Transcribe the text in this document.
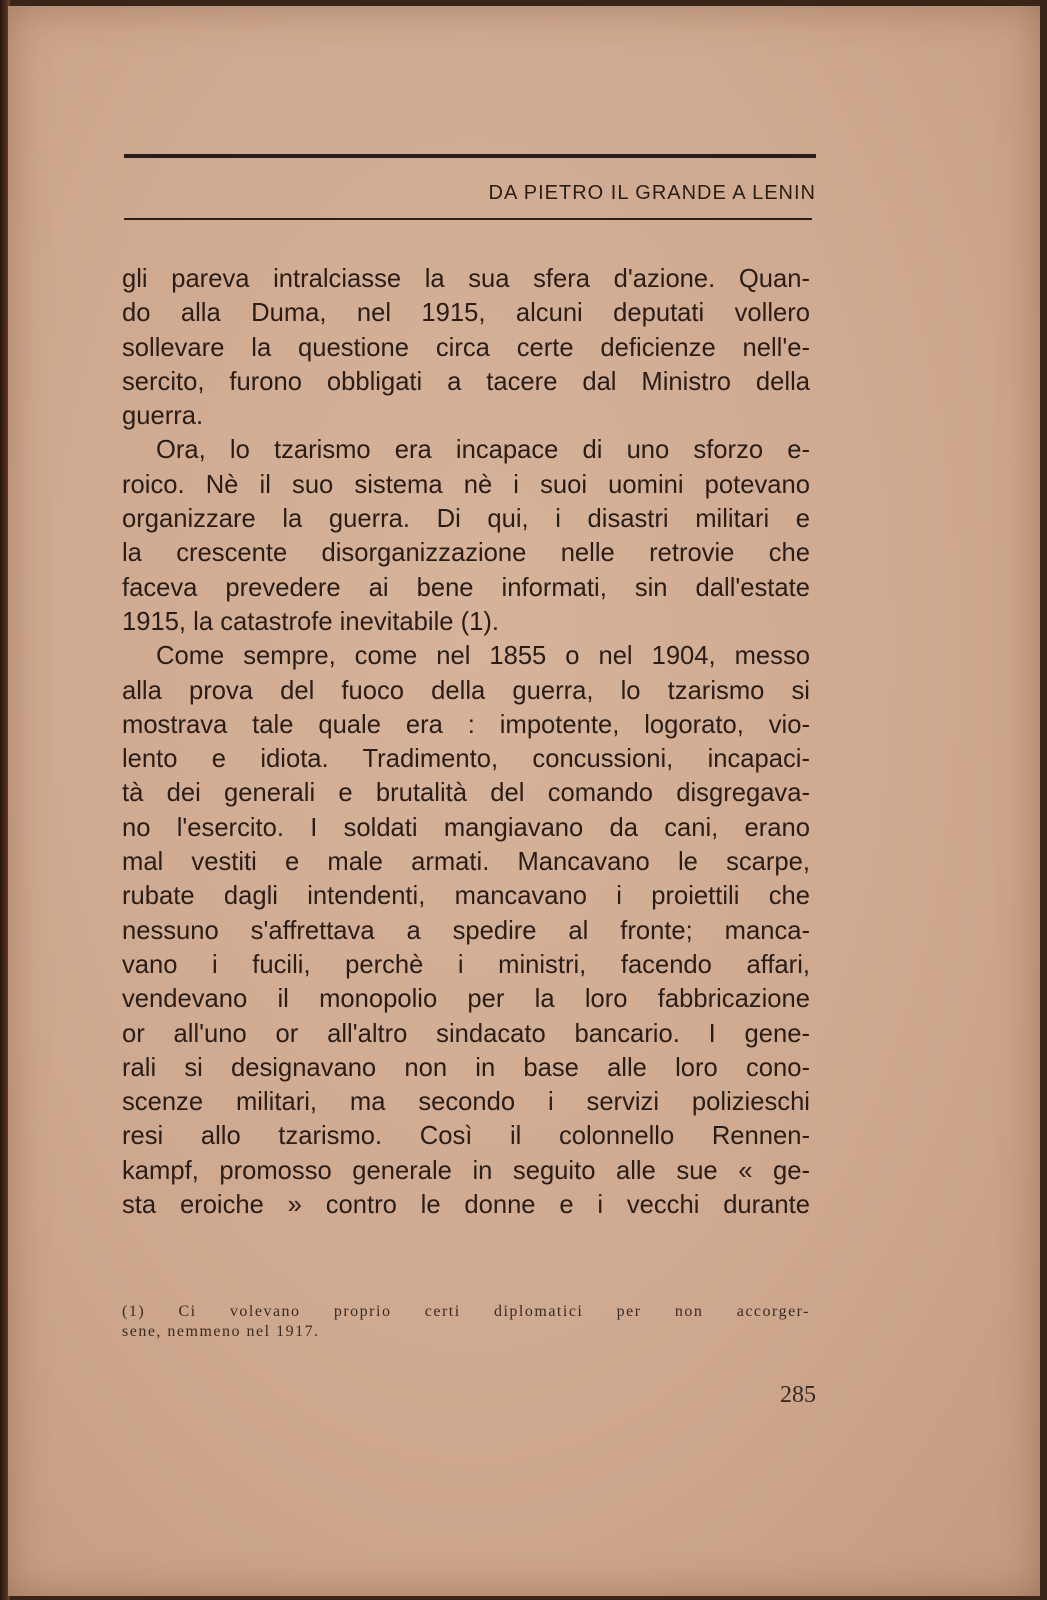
DA PIETRO IL GRANDE A LENIN
gli pareva intralciasse la sua sfera d'azione. Quan-
do alla Duma, nel 1915, alcuni deputati vollero
sollevare la questione circa certe deficienze nell'e-
sercito, furono obbligati a tacere dal Ministro della
guerra.
Ora, lo tzarismo era incapace di uno sforzo e-
roico. Nè il suo sistema nè i suoi uomini potevano
organizzare la guerra. Di qui, i disastri militari e
la crescente disorganizzazione nelle retrovie che
faceva prevedere ai bene informati, sin dall'estate
1915, la catastrofe inevitabile (1).
Come sempre, come nel 1855 o nel 1904, messo
alla prova del fuoco della guerra, lo tzarismo si
mostrava tale quale era : impotente, logorato, vio-
lento e idiota. Tradimento, concussioni, incapaci-
tà dei generali e brutalità del comando disgregava-
no l'esercito. I soldati mangiavano da cani, erano
mal vestiti e male armati. Mancavano le scarpe,
rubate dagli intendenti, mancavano i proiettili che
nessuno s'affrettava a spedire al fronte; manca-
vano i fucili, perchè i ministri, facendo affari,
vendevano il monopolio per la loro fabbricazione
or all'uno or all'altro sindacato bancario. I gene-
rali si designavano non in base alle loro cono-
scenze militari, ma secondo i servizi polizieschi
resi allo tzarismo. Così il colonnello Rennen-
kampf, promosso generale in seguito alle sue « ge-
sta eroiche » contro le donne e i vecchi durante
(1) Ci volevano proprio certi diplomatici per non accorger-
sene, nemmeno nel 1917.
285
